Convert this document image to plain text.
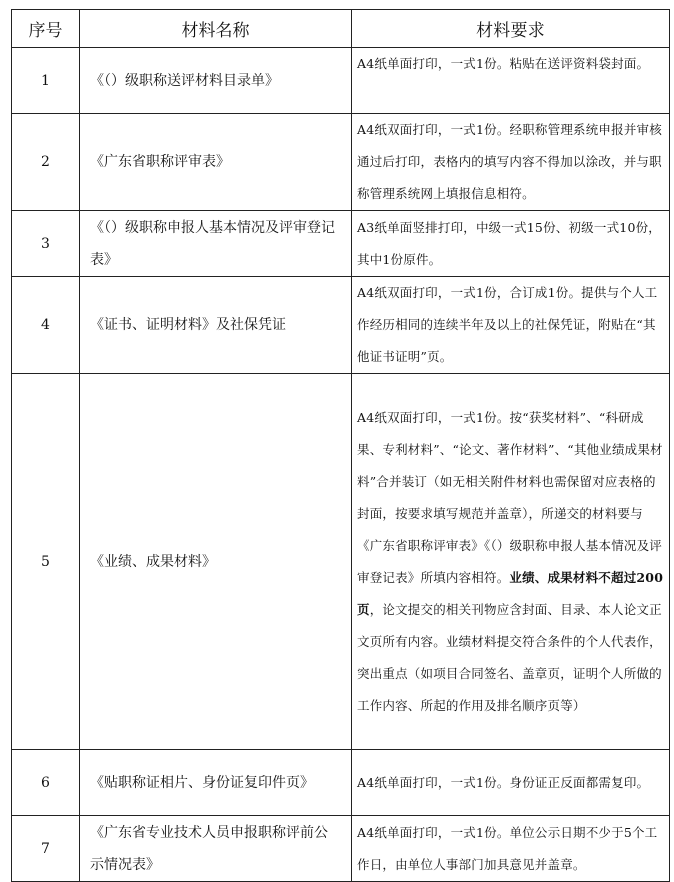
序号	材料名称	材料要求
1	《（）级职称送评材料目录单》	A4纸单面打印，一式1份。粘贴在送评资料袋封面。
2	《广东省职称评审表》	A4纸双面打印，一式1份。经职称管理系统申报并审核通过后打印，表格内的填写内容不得加以涂改，并与职称管理系统网上填报信息相符。
3	《（）级职称申报人基本情况及评审登记表》	A3纸单面竖排打印，中级一式15份、初级一式10份，其中1份原件。
4	《证书、证明材料》及社保凭证	A4纸双面打印，一式1份，合订成1份。提供与个人工作经历相同的连续半年及以上的社保凭证，附贴在“其他证书证明”页。
5	《业绩、成果材料》	A4纸双面打印，一式1份。按“获奖材料”、“科研成果、专利材料”、“论文、著作材料”、“其他业绩成果材料”合并装订（如无相关附件材料也需保留对应表格的封面，按要求填写规范并盖章），所递交的材料要与《广东省职称评审表》《（）级职称申报人基本情况及评审登记表》所填内容相符。业绩、成果材料不超过200页，论文提交的相关刊物应含封面、目录、本人论文正文页所有内容。业绩材料提交符合条件的个人代表作，突出重点（如项目合同签名、盖章页，证明个人所做的工作内容、所起的作用及排名顺序页等）
6	《贴职称证相片、身份证复印件页》	A4纸单面打印，一式1份。身份证正反面都需复印。
7	《广东省专业技术人员申报职称评前公示情况表》	A4纸单面打印，一式1份。单位公示日期不少于5个工作日，由单位人事部门加具意见并盖章。
